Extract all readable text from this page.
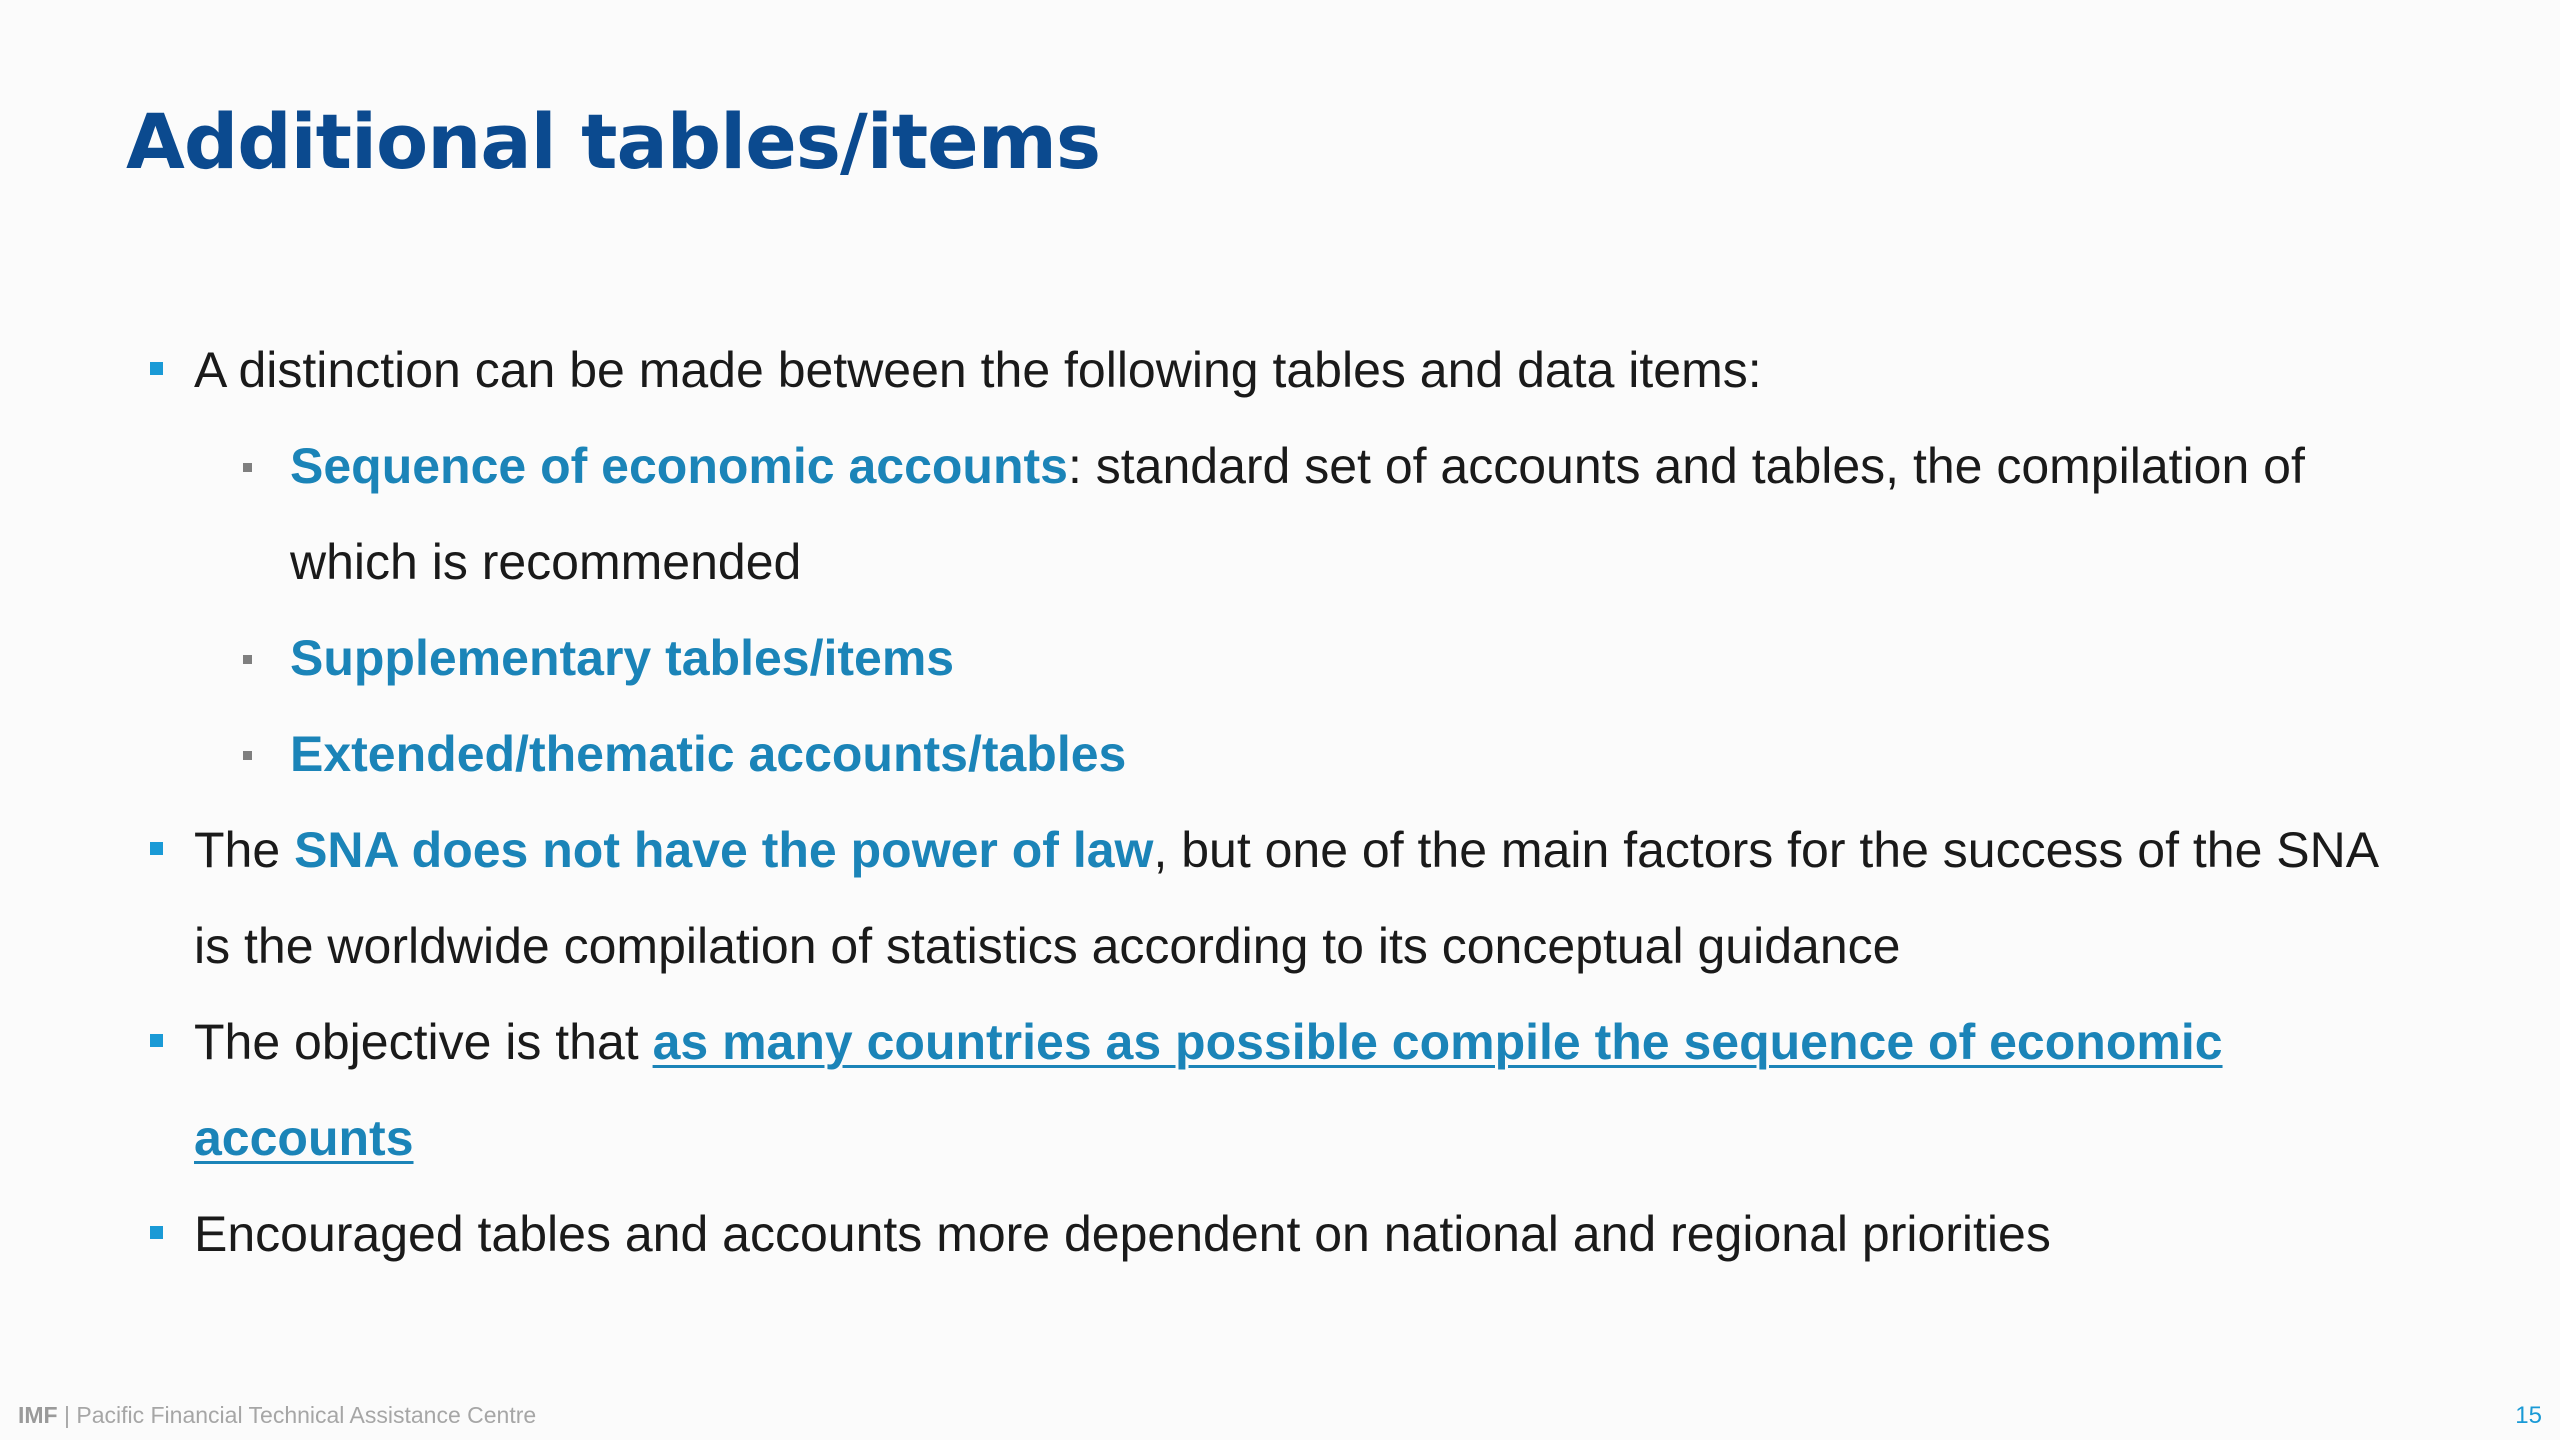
Additional tables/items
A distinction can be made between the following tables and data items:
Sequence of economic accounts: standard set of accounts and tables, the compilation of which is recommended
Supplementary tables/items
Extended/thematic accounts/tables
The SNA does not have the power of law, but one of the main factors for the success of the SNA is the worldwide compilation of statistics according to its conceptual guidance
The objective is that as many countries as possible compile the sequence of economic accounts
Encouraged tables and accounts more dependent on national and regional priorities
IMF | Pacific Financial Technical Assistance Centre	15
